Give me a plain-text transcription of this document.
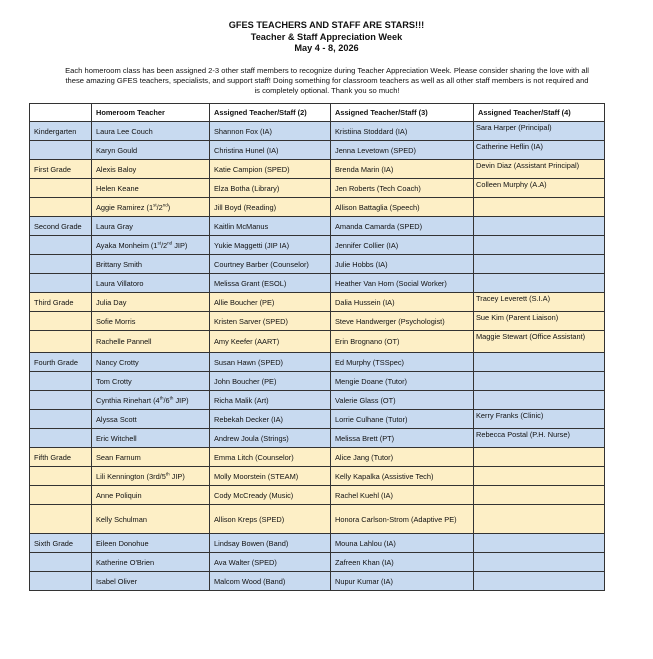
GFES TEACHERS AND STAFF ARE STARS!!!
Teacher & Staff Appreciation Week
May 4 - 8, 2026
Each homeroom class has been assigned 2-3 other staff members to recognize during Teacher Appreciation Week. Please consider sharing the love with all these amazing GFES teachers, specialists, and support staff! Doing something for classroom teachers as well as all other staff members is not required and is completely optional. Thank you so much!
	Homeroom Teacher	Assigned Teacher/Staff (2)	Assigned Teacher/Staff (3)	Assigned Teacher/Staff (4)
Kindergarten	Laura Lee Couch	Shannon Fox (IA)	Kristiina Stoddard (IA)	Sara Harper (Principal)
	Karyn Gould	Christina Hunel (IA)	Jenna Levetown (SPED)	Catherine Heflin (IA)
First Grade	Alexis Baloy	Katie Campion (SPED)	Brenda Marin (IA)	Devin Diaz (Assistant Principal)
	Helen Keane	Elza Botha (Library)	Jen Roberts (Tech Coach)	Colleen Murphy (A.A)
	Aggie Ramirez (1st/2nd)	Jill Boyd (Reading)	Allison Battaglia (Speech)	
Second Grade	Laura Gray	Kaitlin McManus	Amanda Camarda (SPED)	
	Ayaka Monheim (1st/2nd JIP)	Yukie Maggetti (JIP IA)	Jennifer Collier (IA)	
	Brittany Smith	Courtney Barber (Counselor)	Julie Hobbs (IA)	
	Laura Villatoro	Melissa Grant (ESOL)	Heather Van Horn (Social Worker)	
Third Grade	Julia Day	Allie Boucher (PE)	Dalia Hussein (IA)	Tracey Leverett (S.I.A)
	Sofie Morris	Kristen Sarver (SPED)	Steve Handwerger (Psychologist)	Sue Kim (Parent Liaison)
	Rachelle Pannell	Amy Keefer (AART)	Erin Brognano (OT)	Maggie Stewart (Office Assistant)
Fourth Grade	Nancy Crotty	Susan Hawn (SPED)	Ed Murphy (TSSpec)	
	Tom Crotty	John Boucher (PE)	Mengie Doane (Tutor)	
	Cynthia Rinehart (4th/6th JIP)	Richa Malik (Art)	Valerie Glass (OT)	
	Alyssa Scott	Rebekah Decker (IA)	Lorrie Culhane (Tutor)	Kerry Franks (Clinic)
	Eric Witchell	Andrew Joula (Strings)	Melissa Brett (PT)	Rebecca Postal (P.H. Nurse)
Fifth Grade	Sean Farnum	Emma Litch (Counselor)	Alice Jang (Tutor)	
	Lili Kennington (3rd/5th JIP)	Molly Moorstein (STEAM)	Kelly Kapalka (Assistive Tech)	
	Anne Poliquin	Cody McCready (Music)	Rachel Kuehl (IA)	
	Kelly Schulman	Allison Kreps (SPED)	Honora Carlson-Strom (Adaptive PE)	
Sixth Grade	Eileen Donohue	Lindsay Bowen (Band)	Mouna Lahlou (IA)	
	Katherine O'Brien	Ava Walter (SPED)	Zafreen Khan (IA)	
	Isabel Oliver	Malcom Wood (Band)	Nupur Kumar (IA)	
